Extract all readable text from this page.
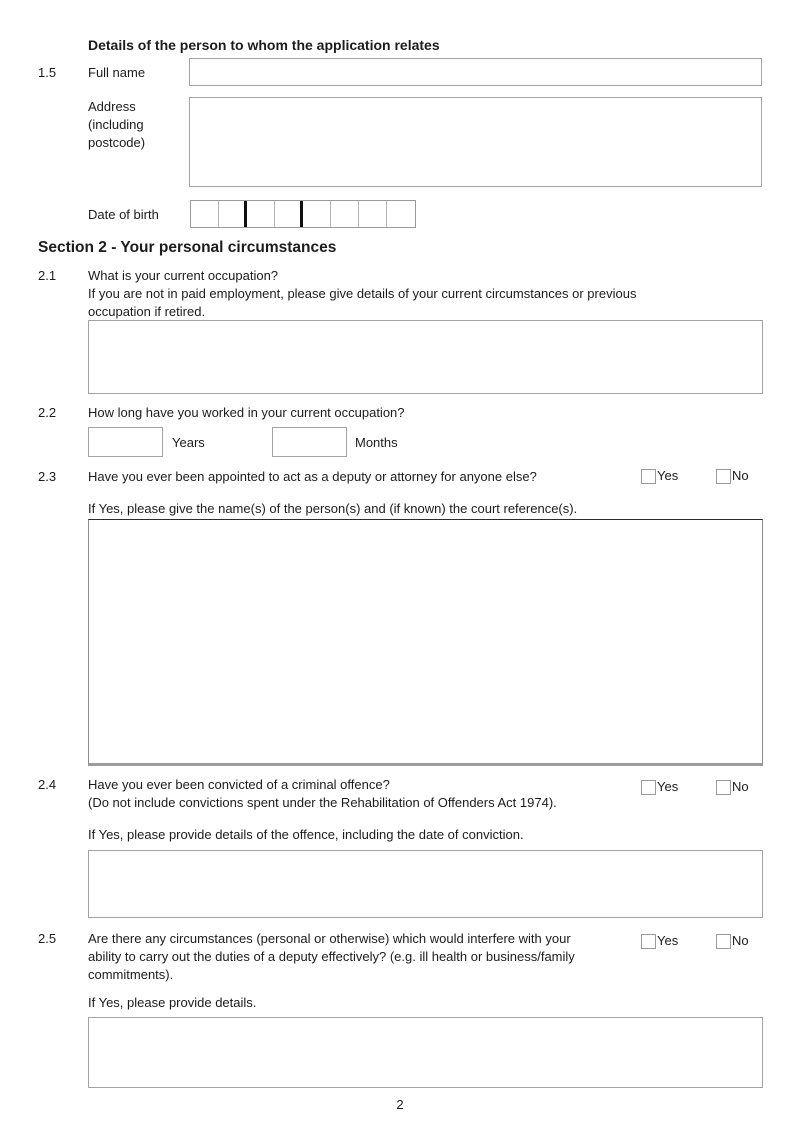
Details of the person to whom the application relates
1.5 Full name
Address
(including
postcode)
Date of birth
Section 2 - Your personal circumstances
2.1 What is your current occupation?
If you are not in paid employment, please give details of your current circumstances or previous
occupation if retired.
2.2 How long have you worked in your current occupation?
Years	Months
2.3 Have you ever been appointed to act as a deputy or attorney for anyone else?	Yes	No
If Yes, please give the name(s) of the person(s) and (if known) the court reference(s).
2.4 Have you ever been convicted of a criminal offence?
(Do not include convictions spent under the Rehabilitation of Offenders Act 1974).
Yes	No
If Yes, please provide details of the offence, including the date of conviction.
2.5 Are there any circumstances (personal or otherwise) which would interfere with your
ability to carry out the duties of a deputy effectively? (e.g. ill health or business/family
commitments).
Yes	No
If Yes, please provide details.
2
